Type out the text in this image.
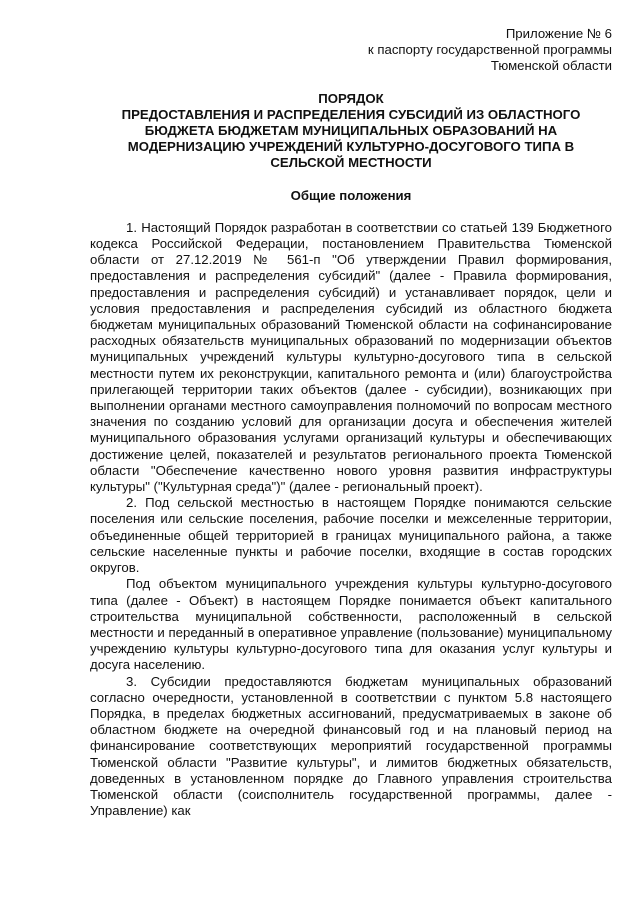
Приложение № 6
к паспорту государственной программы
Тюменской области
ПОРЯДОК
ПРЕДОСТАВЛЕНИЯ И РАСПРЕДЕЛЕНИЯ СУБСИДИЙ ИЗ ОБЛАСТНОГО БЮДЖЕТА БЮДЖЕТАМ МУНИЦИПАЛЬНЫХ ОБРАЗОВАНИЙ НА МОДЕРНИЗАЦИЮ УЧРЕЖДЕНИЙ КУЛЬТУРНО-ДОСУГОВОГО ТИПА В СЕЛЬСКОЙ МЕСТНОСТИ
Общие положения

1. Настоящий Порядок разработан в соответствии со статьей 139 Бюджетного кодекса Российской Федерации, постановлением Правительства Тюменской области от 27.12.2019 № 561-п "Об утверждении Правил формирования, предоставления и распределения субсидий" (далее - Правила формирования, предоставления и распределения субсидий) и устанавливает порядок, цели и условия предоставления и распределения субсидий из областного бюджета бюджетам муниципальных образований Тюменской области на софинансирование расходных обязательств муниципальных образований по модернизации объектов муниципальных учреждений культуры культурно-досугового типа в сельской местности путем их реконструкции, капитального ремонта и (или) благоустройства прилегающей территории таких объектов (далее - субсидии), возникающих при выполнении органами местного самоуправления полномочий по вопросам местного значения по созданию условий для организации досуга и обеспечения жителей муниципального образования услугами организаций культуры и обеспечивающих достижение целей, показателей и результатов регионального проекта Тюменской области "Обеспечение качественно нового уровня развития инфраструктуры культуры" ("Культурная среда")" (далее - региональный проект).

2. Под сельской местностью в настоящем Порядке понимаются сельские поселения или сельские поселения, рабочие поселки и межселенные территории, объединенные общей территорией в границах муниципального района, а также сельские населенные пункты и рабочие поселки, входящие в состав городских округов.

Под объектом муниципального учреждения культуры культурно-досугового типа (далее - Объект) в настоящем Порядке понимается объект капитального строительства муниципальной собственности, расположенный в сельской местности и переданный в оперативное управление (пользование) муниципальному учреждению культуры культурно-досугового типа для оказания услуг культуры и досуга населению.

3. Субсидии предоставляются бюджетам муниципальных образований согласно очередности, установленной в соответствии с пунктом 5.8 настоящего Порядка, в пределах бюджетных ассигнований, предусматриваемых в законе об областном бюджете на очередной финансовый год и на плановый период на финансирование соответствующих мероприятий государственной программы Тюменской области "Развитие культуры", и лимитов бюджетных обязательств, доведенных в установленном порядке до Главного управления строительства Тюменской области (соисполнитель государственной программы, далее - Управление) как
